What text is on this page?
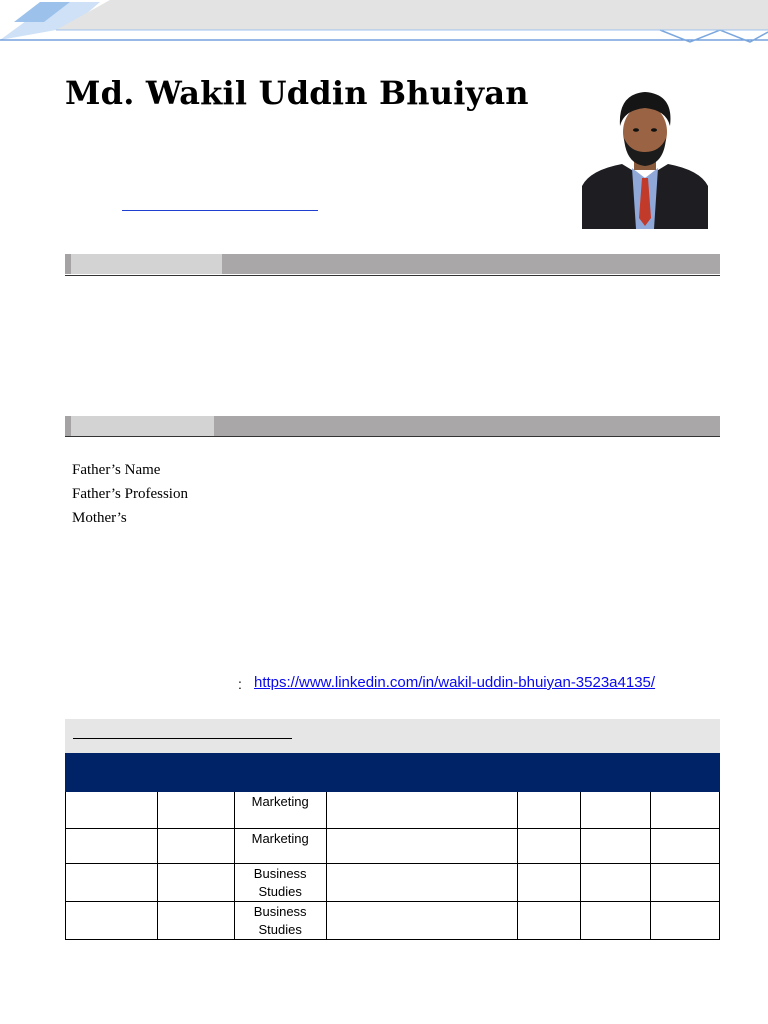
Md. Wakil Uddin Bhuiyan
Father’s Name
Father’s Profession
Mother’s
: https://www.linkedin.com/in/wakil-uddin-bhuiyan-3523a4135/

		Marketing				

		Marketing				

		Business Studies				

		Business Studies				
